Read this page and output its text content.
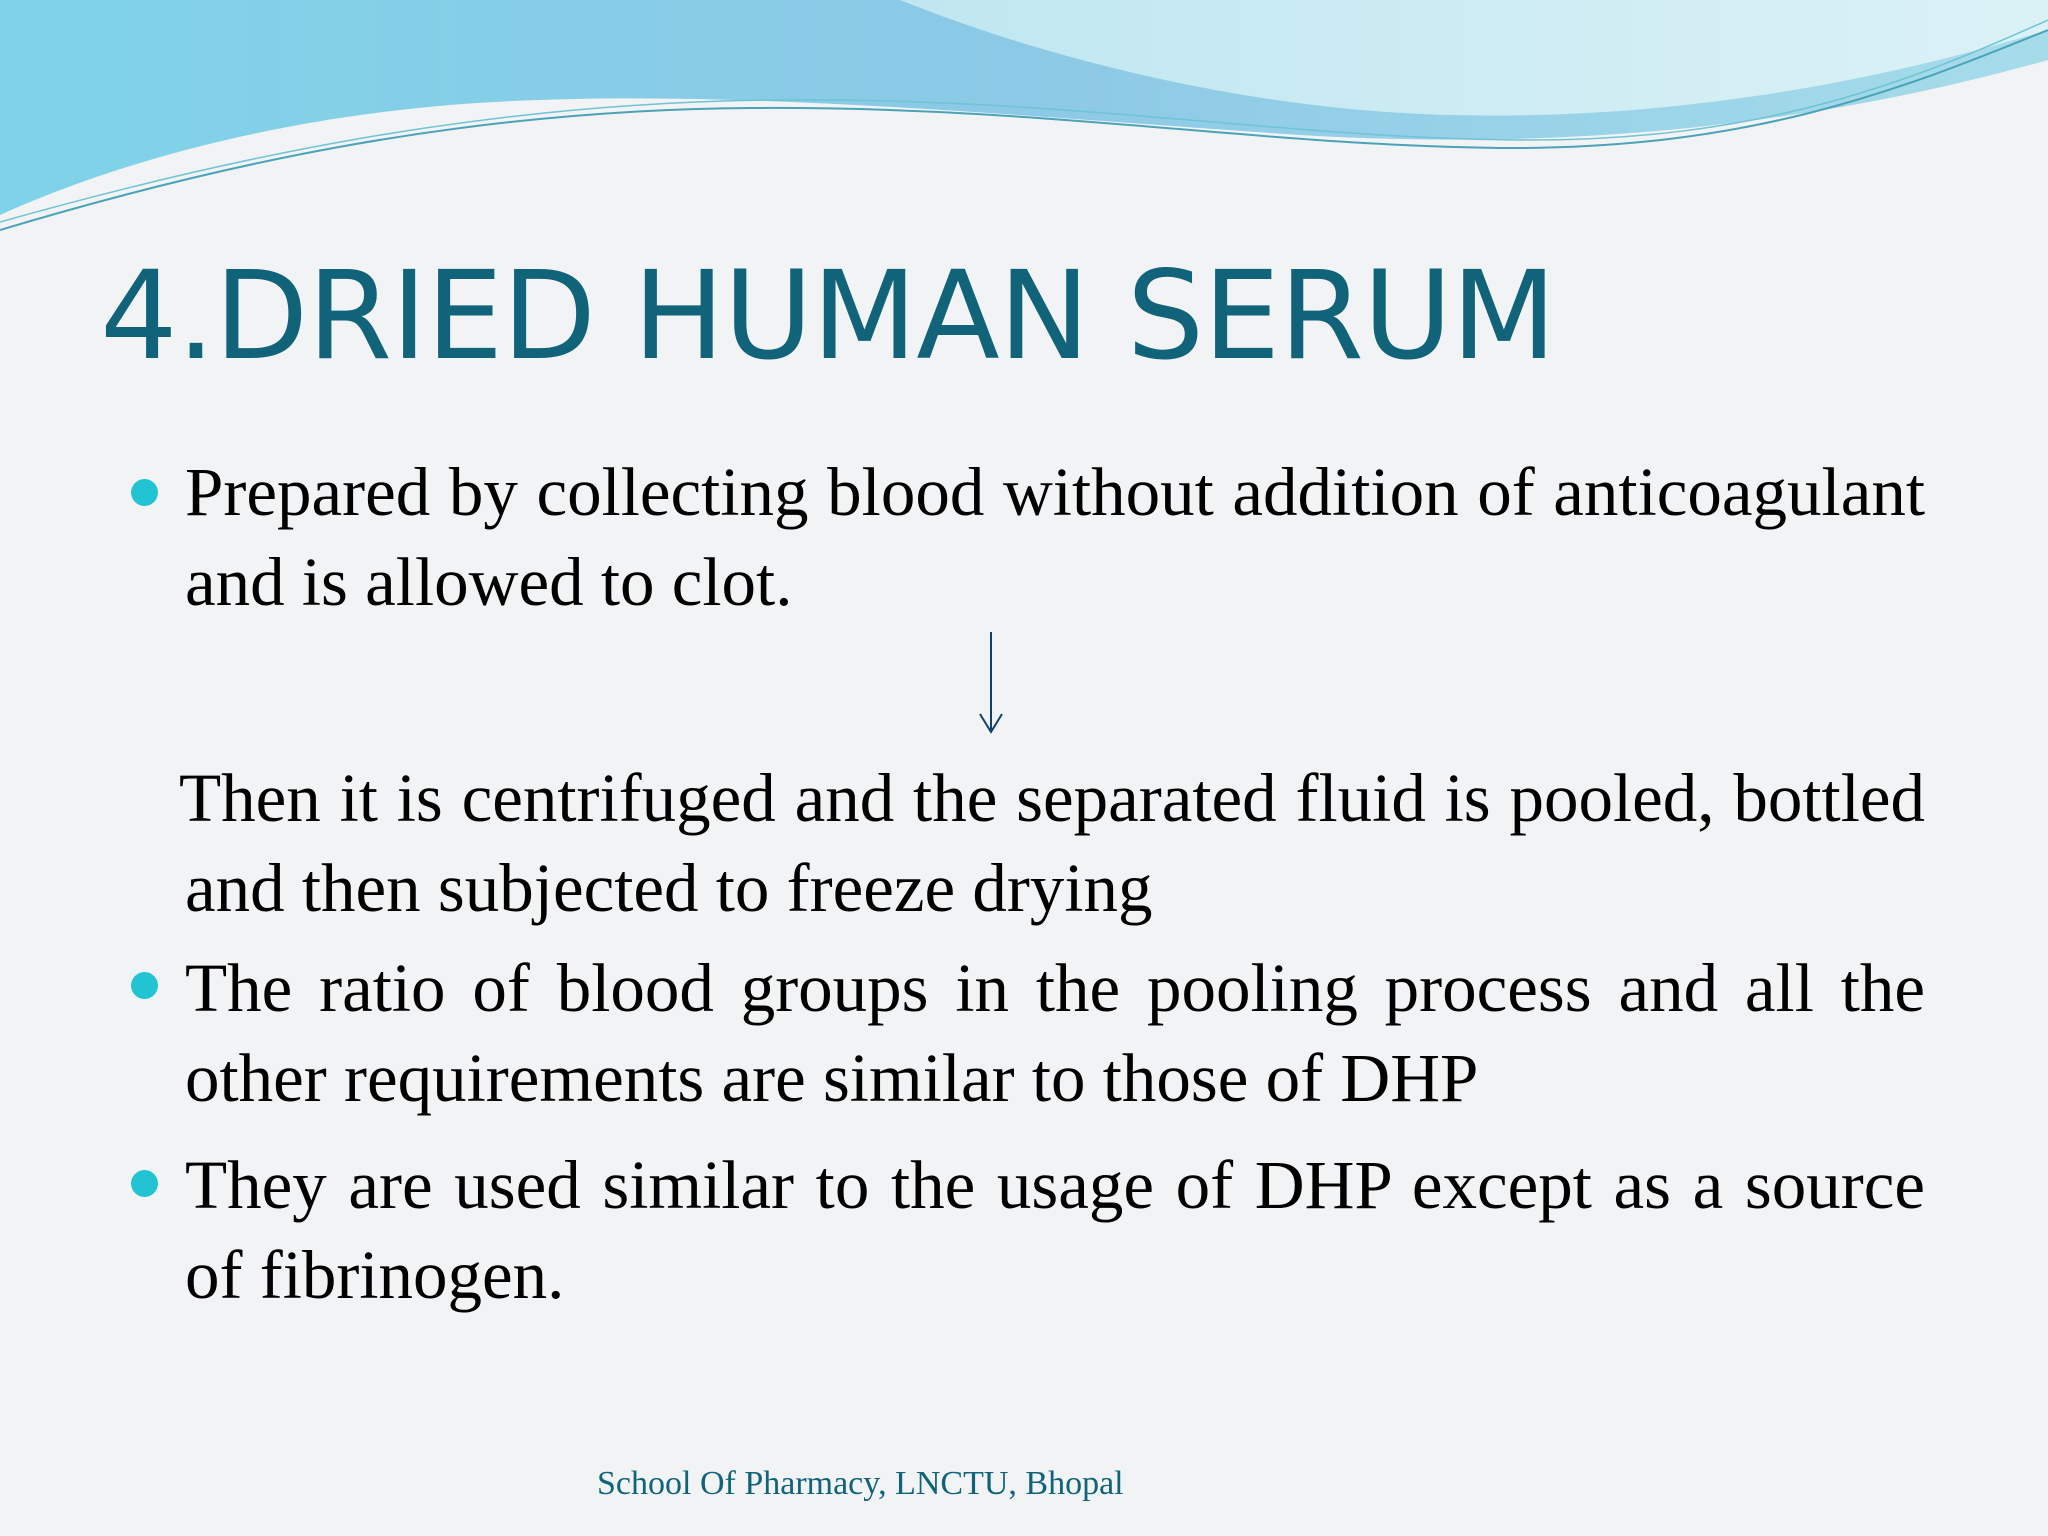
4.DRIED HUMAN SERUM
Prepared by collecting blood without addition of anticoagulant and is allowed to clot.
Then it is centrifuged and the separated fluid is pooled, bottled and then subjected to freeze drying
The ratio of blood groups in the pooling process and all the other requirements are similar to those of DHP
They are used similar to the usage of DHP except as a source of fibrinogen.
School Of Pharmacy, LNCTU, Bhopal
